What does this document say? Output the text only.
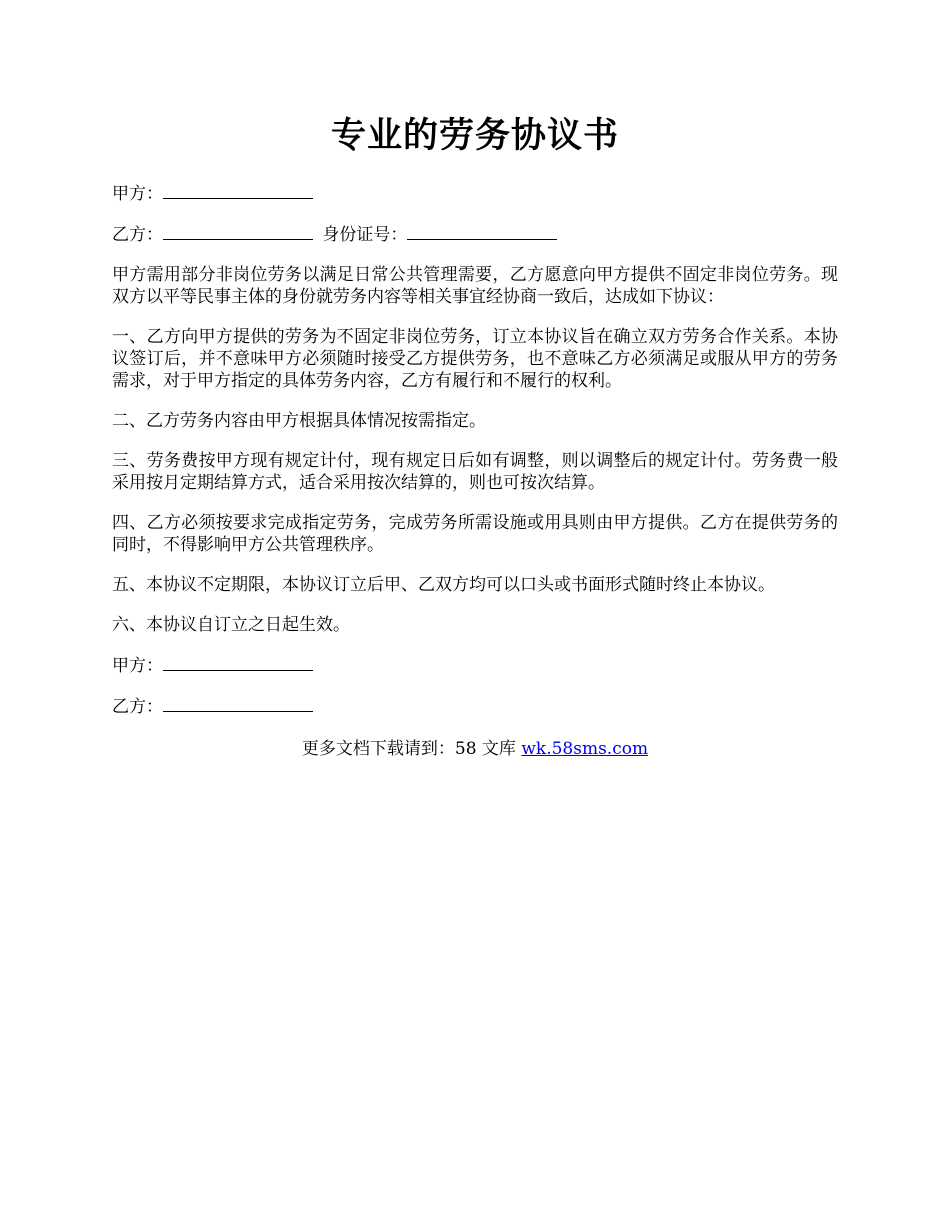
专业的劳务协议书
甲方：
乙方：	身份证号：

甲方需用部分非岗位劳务以满足日常公共管理需要，乙方愿意向甲方提供不固定非岗位劳务。现双方以平等民事主体的身份就劳务内容等相关事宜经协商一致后，达成如下协议：

一、乙方向甲方提供的劳务为不固定非岗位劳务，订立本协议旨在确立双方劳务合作关系。本协议签订后，并不意味甲方必须随时接受乙方提供劳务，也不意味乙方必须满足或服从甲方的劳务需求，对于甲方指定的具体劳务内容，乙方有履行和不履行的权利。

二、乙方劳务内容由甲方根据具体情况按需指定。

三、劳务费按甲方现有规定计付，现有规定日后如有调整，则以调整后的规定计付。劳务费一般采用按月定期结算方式，适合采用按次结算的，则也可按次结算。

四、乙方必须按要求完成指定劳务，完成劳务所需设施或用具则由甲方提供。乙方在提供劳务的同时，不得影响甲方公共管理秩序。

五、本协议不定期限，本协议订立后甲、乙双方均可以口头或书面形式随时终止本协议。

六、本协议自订立之日起生效。

甲方：
乙方：
更多文档下载请到：58 文库 wk.58sms.com
